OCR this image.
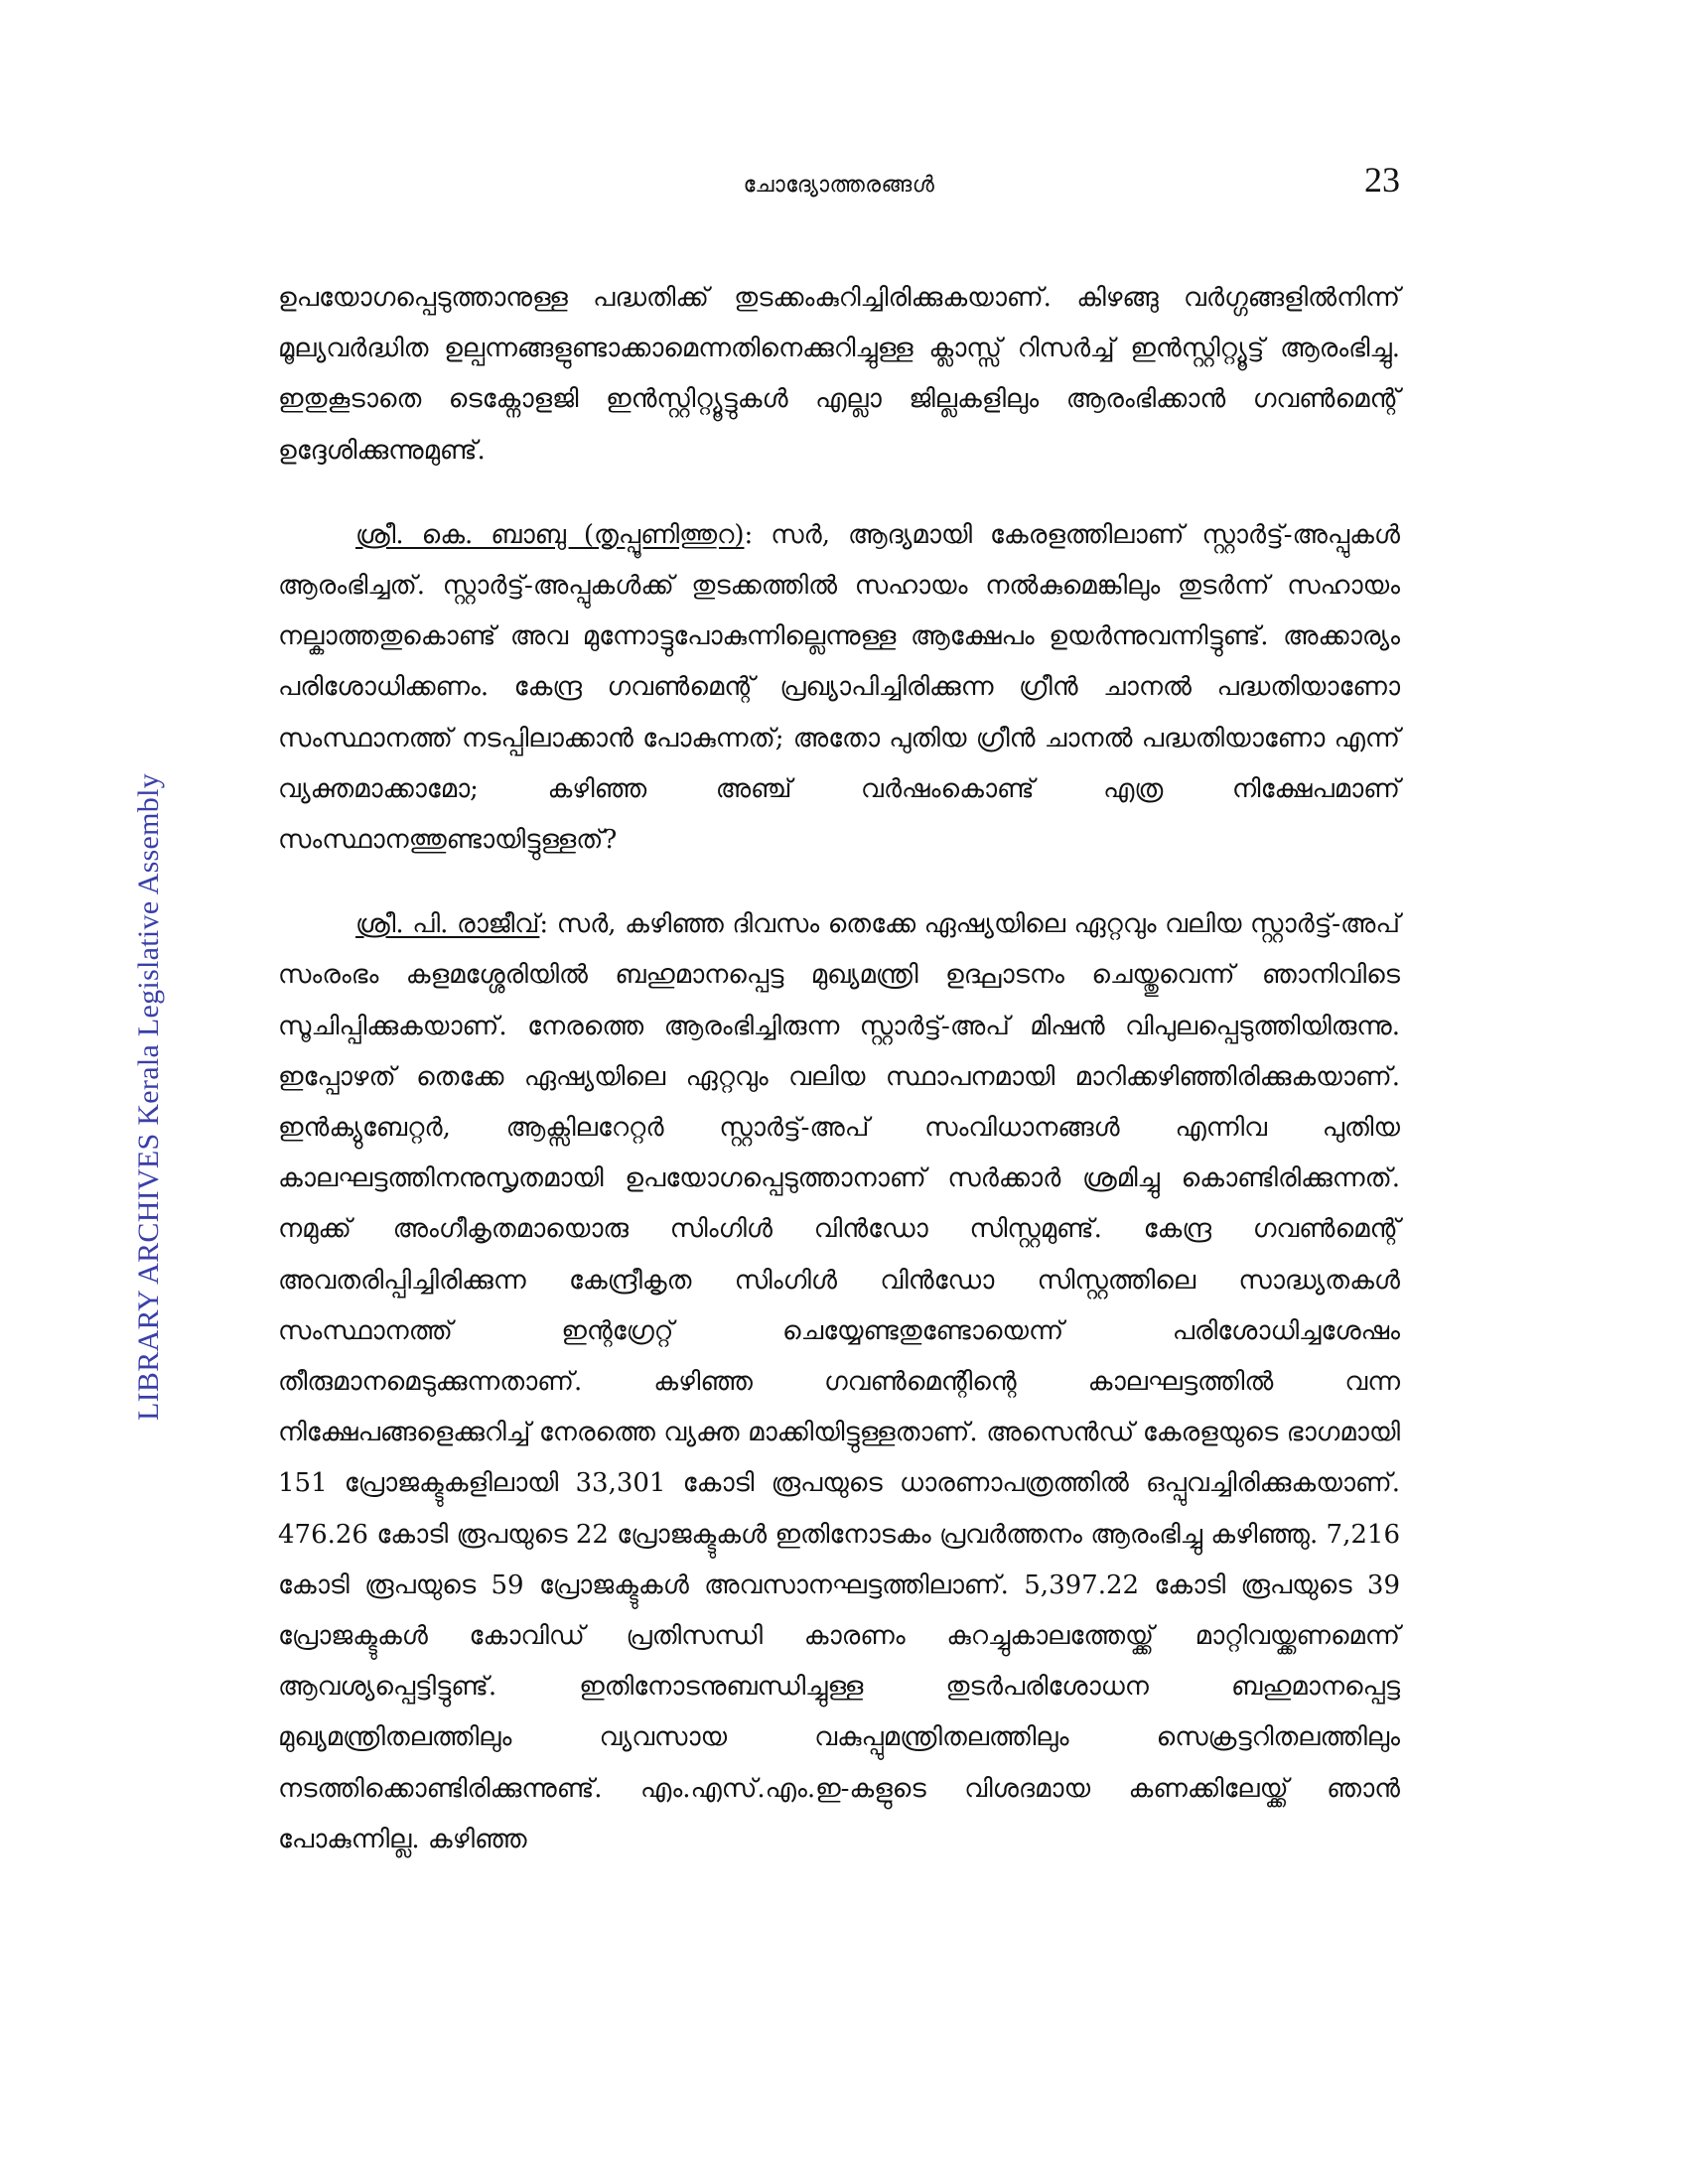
ചോദ്യോത്തരങ്ങൾ	23
LIBRARY ARCHIVES Kerala Legislative Assembly

ഉപയോഗപ്പെടുത്താനുള്ള പദ്ധതിക്ക് തുടക്കംകുറിച്ചിരിക്കുകയാണ്. കിഴങ്ങു വർഗ്ഗങ്ങളിൽനിന്ന് മൂല്യവർദ്ധിത ഉല്പന്നങ്ങളുണ്ടാക്കാമെന്നതിനെക്കുറിച്ചുള്ള ക്ലാസ്സ് റിസർച്ച് ഇൻസ്റ്റിറ്റ്യൂട്ട് ആരംഭിച്ചു. ഇതുകൂടാതെ ടെക്നോളജി ഇൻസ്റ്റിറ്റ്യൂട്ടുകൾ എല്ലാ ജില്ലകളിലും ആരംഭിക്കാൻ ഗവൺമെന്റ് ഉദ്ദേശിക്കുന്നുമുണ്ട്.

ശ്രീ. കെ. ബാബു (തൃപ്പൂണിത്തുറ): സർ, ആദ്യമായി കേരളത്തിലാണ് സ്റ്റാർട്ട്-അപ്പുകൾ ആരംഭിച്ചത്. സ്റ്റാർട്ട്-അപ്പുകൾക്ക് തുടക്കത്തിൽ സഹായം നൽകുമെങ്കിലും തുടർന്ന് സഹായം നല്കാത്തതുകൊണ്ട് അവ മുന്നോട്ടുപോകുന്നില്ലെന്നുള്ള ആക്ഷേപം ഉയർന്നുവന്നിട്ടുണ്ട്. അക്കാര്യം പരിശോധിക്കണം. കേന്ദ്ര ഗവൺമെന്റ് പ്രഖ്യാപിച്ചിരിക്കുന്ന ഗ്രീൻ ചാനൽ പദ്ധതിയാണോ സംസ്ഥാനത്ത് നടപ്പിലാക്കാൻ പോകുന്നത്; അതോ പുതിയ ഗ്രീൻ ചാനൽ പദ്ധതിയാണോ എന്ന് വ്യക്തമാക്കാമോ; കഴിഞ്ഞ അഞ്ച് വർഷംകൊണ്ട് എത്ര നിക്ഷേപമാണ് സംസ്ഥാനത്തുണ്ടായിട്ടുള്ളത്?

ശ്രീ. പി. രാജീവ്: സർ, കഴിഞ്ഞ ദിവസം തെക്കേ ഏഷ്യയിലെ ഏറ്റവും വലിയ സ്റ്റാർട്ട്-അപ് സംരംഭം കളമശ്ശേരിയിൽ ബഹുമാനപ്പെട്ട മുഖ്യമന്ത്രി ഉദ്ഘാടനം ചെയ്തുവെന്ന് ഞാനിവിടെ സൂചിപ്പിക്കുകയാണ്. നേരത്തെ ആരംഭിച്ചിരുന്ന സ്റ്റാർട്ട്-അപ് മിഷൻ വിപുലപ്പെടുത്തിയിരുന്നു. ഇപ്പോഴത് തെക്കേ ഏഷ്യയിലെ ഏറ്റവും വലിയ സ്ഥാപനമായി മാറിക്കഴിഞ്ഞിരിക്കുകയാണ്. ഇൻക്യുബേറ്റർ, ആക്സിലറേറ്റർ സ്റ്റാർട്ട്-അപ് സംവിധാനങ്ങൾ എന്നിവ പുതിയ കാലഘട്ടത്തിനനുസൃതമായി ഉപയോഗപ്പെടുത്താനാണ് സർക്കാർ ശ്രമിച്ചു കൊണ്ടിരിക്കുന്നത്. നമുക്ക് അംഗീകൃതമായൊരു സിംഗിൾ വിൻഡോ സിസ്റ്റമുണ്ട്. കേന്ദ്ര ഗവൺമെന്റ് അവതരിപ്പിച്ചിരിക്കുന്ന കേന്ദ്രീകൃത സിംഗിൾ വിൻഡോ സിസ്റ്റത്തിലെ സാദ്ധ്യതകൾ സംസ്ഥാനത്ത് ഇന്റഗ്രേറ്റ് ചെയ്യേണ്ടതുണ്ടോയെന്ന് പരിശോധിച്ചശേഷം തീരുമാനമെടുക്കുന്നതാണ്. കഴിഞ്ഞ ഗവൺമെന്റിന്റെ കാലഘട്ടത്തിൽ വന്ന നിക്ഷേപങ്ങളെക്കുറിച്ച് നേരത്തെ വ്യക്ത മാക്കിയിട്ടുള്ളതാണ്. അസെൻഡ് കേരളയുടെ ഭാഗമായി 151 പ്രോജക്ടുകളിലായി 33,301 കോടി രൂപയുടെ ധാരണാപത്രത്തിൽ ഒപ്പുവച്ചിരിക്കുകയാണ്. 476.26 കോടി രൂപയുടെ 22 പ്രോജക്ടുകൾ ഇതിനോടകം പ്രവർത്തനം ആരംഭിച്ചു കഴിഞ്ഞു. 7,216 കോടി രൂപയുടെ 59 പ്രോജക്ടുകൾ അവസാനഘട്ടത്തിലാണ്. 5,397.22 കോടി രൂപയുടെ 39 പ്രോജക്ടുകൾ കോവിഡ് പ്രതിസന്ധി കാരണം കുറച്ചുകാലത്തേയ്ക്ക് മാറ്റിവയ്ക്കണമെന്ന് ആവശ്യപ്പെട്ടിട്ടുണ്ട്. ഇതിനോടനുബന്ധിച്ചുള്ള തുടർപരിശോധന ബഹുമാനപ്പെട്ട മുഖ്യമന്ത്രിതലത്തിലും വ്യവസായ വകുപ്പുമന്ത്രിതലത്തിലും സെക്രട്ടറിതലത്തിലും നടത്തിക്കൊണ്ടിരിക്കുന്നുണ്ട്. എം.എസ്.എം.ഇ-കളുടെ വിശദമായ കണക്കിലേയ്ക്ക് ഞാൻ പോകുന്നില്ല. കഴിഞ്ഞ
